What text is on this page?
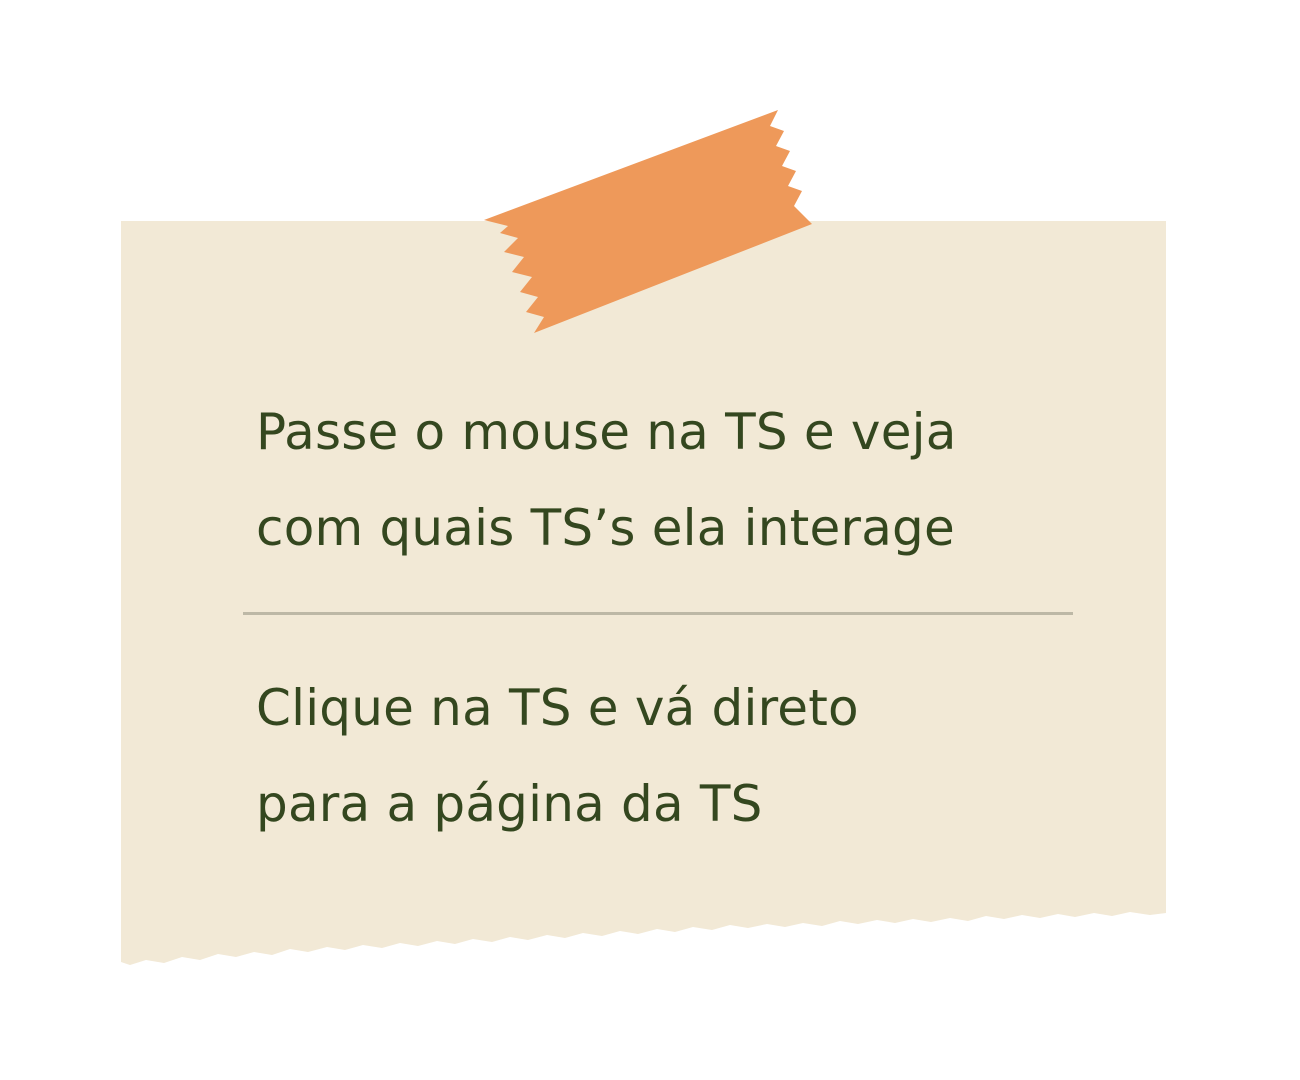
Passe o mouse na TS e veja
com quais TS’s ela interage

Clique na TS e vá direto
para a página da TS
